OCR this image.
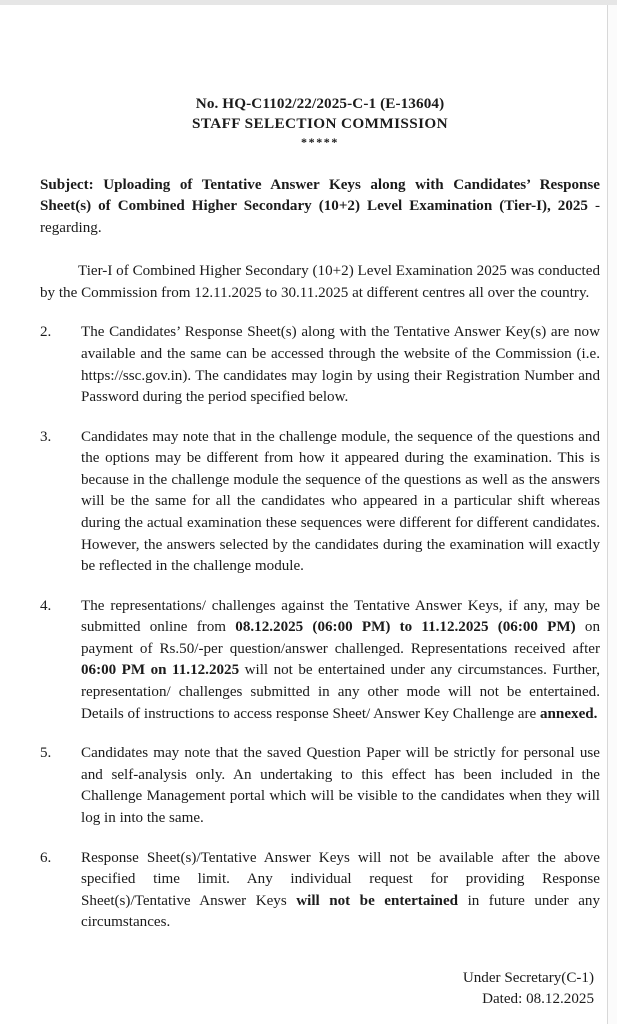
No. HQ-C1102/22/2025-C-1 (E-13604)
STAFF SELECTION COMMISSION
*****
Subject: Uploading of Tentative Answer Keys along with Candidates’ Response Sheet(s) of Combined Higher Secondary (10+2) Level Examination (Tier-I), 2025 - regarding.
Tier-I of Combined Higher Secondary (10+2) Level Examination 2025 was conducted by the Commission from 12.11.2025 to 30.11.2025 at different centres all over the country.
2. The Candidates’ Response Sheet(s) along with the Tentative Answer Key(s) are now available and the same can be accessed through the website of the Commission (i.e. https://ssc.gov.in). The candidates may login by using their Registration Number and Password during the period specified below.
3. Candidates may note that in the challenge module, the sequence of the questions and the options may be different from how it appeared during the examination. This is because in the challenge module the sequence of the questions as well as the answers will be the same for all the candidates who appeared in a particular shift whereas during the actual examination these sequences were different for different candidates. However, the answers selected by the candidates during the examination will exactly be reflected in the challenge module.
4. The representations/ challenges against the Tentative Answer Keys, if any, may be submitted online from 08.12.2025 (06:00 PM) to 11.12.2025 (06:00 PM) on payment of Rs.50/-per question/answer challenged. Representations received after 06:00 PM on 11.12.2025 will not be entertained under any circumstances. Further, representation/ challenges submitted in any other mode will not be entertained. Details of instructions to access response Sheet/ Answer Key Challenge are annexed.
5. Candidates may note that the saved Question Paper will be strictly for personal use and self-analysis only. An undertaking to this effect has been included in the Challenge Management portal which will be visible to the candidates when they will log in into the same.
6. Response Sheet(s)/Tentative Answer Keys will not be available after the above specified time limit. Any individual request for providing Response Sheet(s)/Tentative Answer Keys will not be entertained in future under any circumstances.
Under Secretary(C-1)
Dated: 08.12.2025
